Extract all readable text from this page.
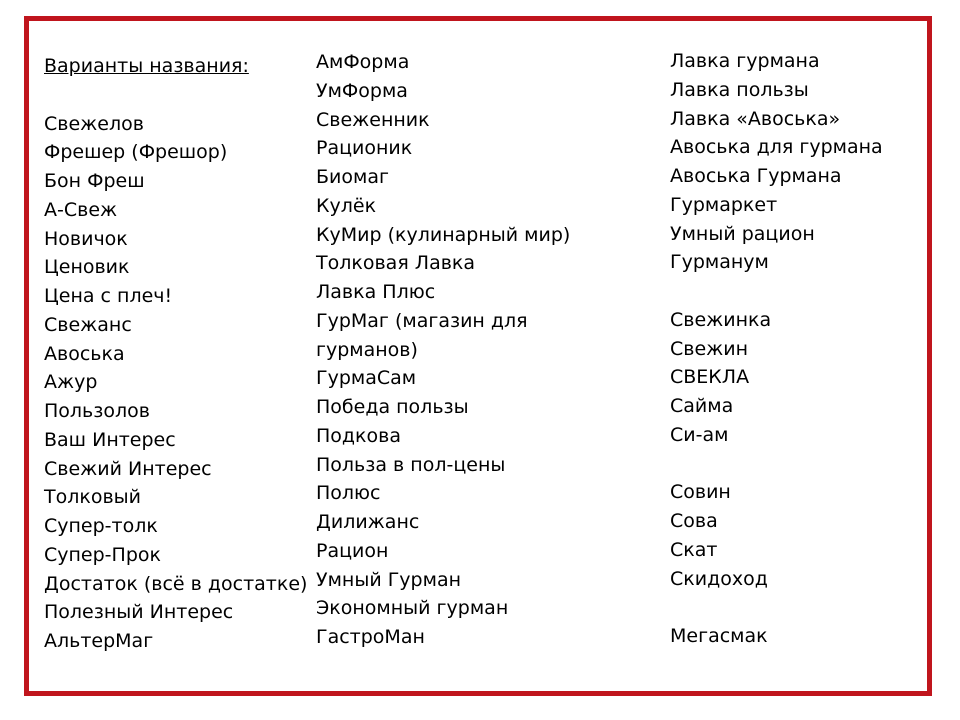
Варианты названия:
Свежелов
Фрешер (Фрешор)
Бон Фреш
А-Свеж
Новичок
Ценовик
Цена с плеч!
Свежанс
Авоська
Ажур
Пользолов
Ваш Интерес
Свежий Интерес
Толковый
Супер-толк
Супер-Прок
Достаток (всё в достатке)
Полезный Интерес
АльтерМаг
АмФорма
УмФорма
Свеженник
Рационик
Биомаг
Кулёк
КуМир (кулинарный мир)
Толковая Лавка
Лавка Плюс
ГурМаг (магазин для
гурманов)
ГурмаСам
Победа пользы
Подкова
Польза в пол-цены
Полюс
Дилижанс
Рацион
Умный Гурман
Экономный гурман
ГастроМан
Лавка гурмана
Лавка пользы
Лавка «Авоська»
Авоська для гурмана
Авоська Гурмана
Гурмаркет
Умный рацион
Гурманум
Свежинка
Свежин
СВЕКЛА
Сайма
Си-ам
Совин
Сова
Скат
Скидоход
Мегасмак
